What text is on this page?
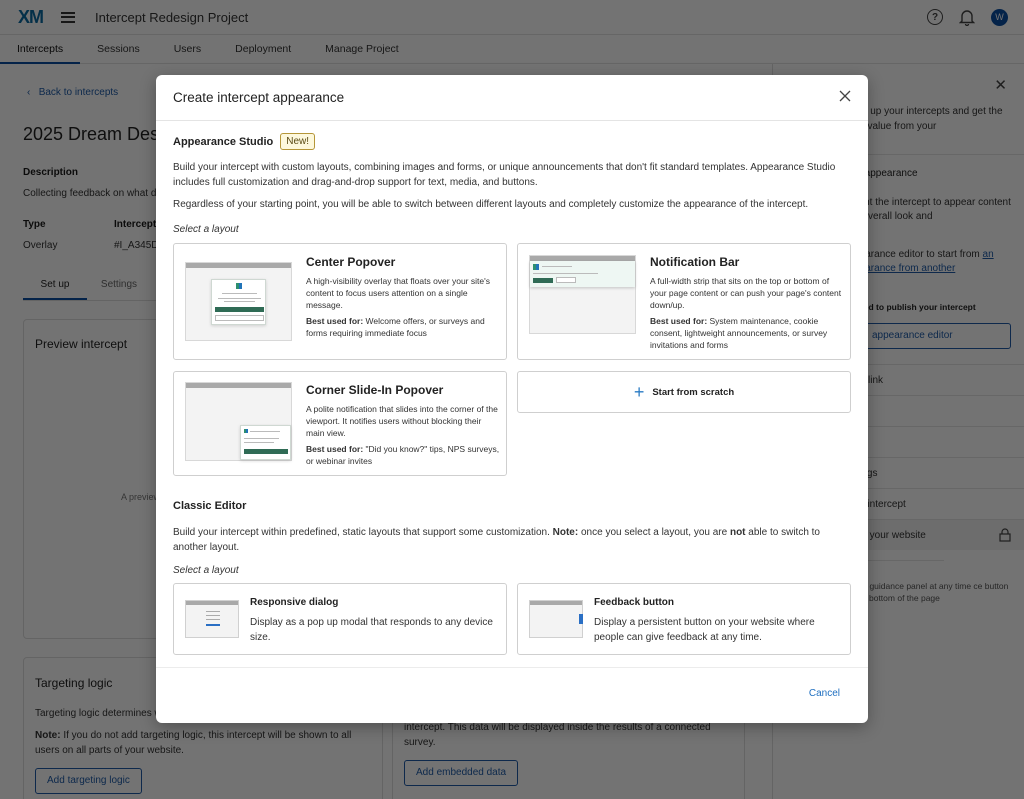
Create intercept appearance
Appearance Studio	New!
Build your intercept with custom layouts, combining images and forms, or unique announcements that don't fit standard templates. Appearance Studio includes full customization and drag-and-drop support for text, media, and buttons.
Regardless of your starting point, you will be able to switch between different layouts and completely customize the appearance of the intercept.
Select a layout
Center Popover
A high-visibility overlay that floats over your site's content to focus users attention on a single message.
Best used for: Welcome offers, or surveys and forms requiring immediate focus
Notification Bar
A full-width strip that sits on the top or bottom of your page content or can push your page's content down/up.
Best used for: System maintenance, cookie consent, lightweight announcements, or survey invitations and forms
Corner Slide-In Popover
A polite notification that slides into the corner of the viewport. It notifies users without blocking their main view.
Best used for: "Did you know?" tips, NPS surveys, or webinar invites
+ Start from scratch
Classic Editor
Build your intercept within predefined, static layouts that support some customization. Note: once you select a layout, you are not able to switch to another layout.
Select a layout
Responsive dialog
Display as a pop up modal that responds to any device size.
Feedback button
Display a persistent button on your website where people can give feedback at any time.
Cancel
